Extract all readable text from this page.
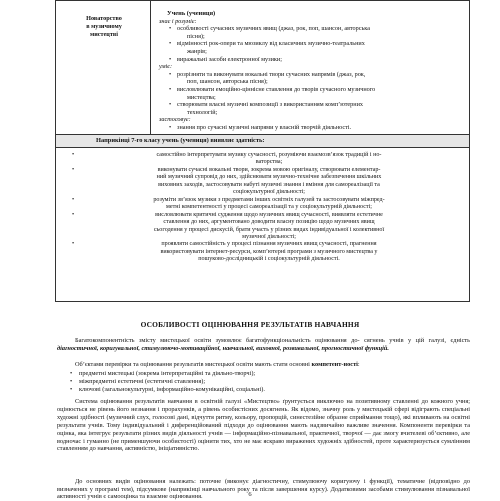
Новаторство
в музичному
мистецтві
Учень (учениця)
знає і розуміє:
• особливості сучасних музичних явищ (джаз, рок, поп, шансон, авторська
пісня);
• відмінності рок-опери та мюзиклу від класичних музично-театральних
жанрів;
• виражальні засоби електронної музики;
уміє:
• розрізняти та виконувати вокальні твори сучасних напрямів (джаз, рок,
поп, шансон, авторська пісня);
• висловлювати емоційно-ціннісне ставлення до творів сучасного музичного
мистецтва;
• створювати власні музичні композиції з використанням комп’ютерних
технологій;
застосовує:
• знання про сучасні музичні напрями у власній творчій діяльності.
Наприкінці 7-го класу учень (учениця) виявляє здатність:
•	самостійно інтерпретувати музику сучасності, розуміючи взаємозв’язок традицій і но-
ваторства;
•	виконувати сучасні вокальні твори, зокрема мовою оригіналу, створювати елементар-
ний музичний супровід до них, здійснювати музично-технічне забезпечення шкільних
виховних заходів, застосовувати набуті музичні знання і вміння для самореалізації та
соціокультурної діяльності;
•	розуміти зв’язок музики з предметами інших освітніх галузей та застосовувати міжпред-
метні компетентності у процесі самореалізації та у соціокультурній діяльності;
•	висловлювати критичні судження щодо музичних явищ сучасності, виявляти естетичне
ставлення до них, аргументовано доводити власну позицію щодо музичних явищ
сьогодення у процесі дискусій, брати участь у різних видах індивідуальної і колективної
музичної діяльності;
•	проявляти самостійність у процесі пізнання музичних явищ сучасності, прагнення
використовувати інтернет-ресурси, комп’ютерні програми з музичного мистецтва у
пошуково-дослідницькій і соціокультурній діяльності.
ОСОБЛИВОСТІ ОЦІНЮВАННЯ РЕЗУЛЬТАТІВ НАВЧАННЯ
Багатокомпонентність змісту мистецької освіти зумовлює багатофункціональність оцінювання до- сягнень учнів у цій галузі, єдність діагностичної, коригувальної, стимулюючо-мотиваційної, навчальної, виховної, розвивальної, прогностичної функцій.
Об’єктами перевірки та оцінювання результатів мистецької освіти мають стати основні компетент-ності:
• предметні мистецькі (зокрема інтерпретаційні та діяльно-творчі);
• міжпредметні естетичні (естетичні ставлення);
• ключові (загальнокультурні, інформаційно-комунікаційні, соціальні).
Система оцінювання результатів навчання в освітній галузі «Мистецтво» ґрунтується виключно на позитивному ставленні до кожного учня; оцінюється не рівень його незнання і прорахунків, а рівень особистісних досягнень. Як відомо, значну роль у мистецькій сфері відіграють спеціальні художні здібності (музичний слух, голосові дані, відчуття ритму, кольору, пропорцій, синестезійне образне сприймання тощо), які впливають на освітні результати учнів. Тому індивідуальний і диференційований підходи до оцінювання мають надзвичайно важливе значення. Компоненти перевірки та оцінка, яка інтегрує результати різних видів діяльності учнів — інформаційно-пізнавальної, практичної, творчої — дає змогу вчителеві об’єктивно, але водночас і гуманно (не применшуючи особистості) оцінити тих, хто не має яскраво виражених художніх здібностей, проте характеризується сумлінним ставленням до навчання, активністю, ініціативністю.
До основних видів оцінювання належать: поточне (виконує діагностичну, стимулюючу коригуючу і функції), тематичне (відповідно до визначених у програмі тем), підсумкове (наприкінці навчального року та після завершення курсу). Додатковими засобами стимулювання пізнавальної активності учнів є самооцінка та взаємне оцінювання.	6
